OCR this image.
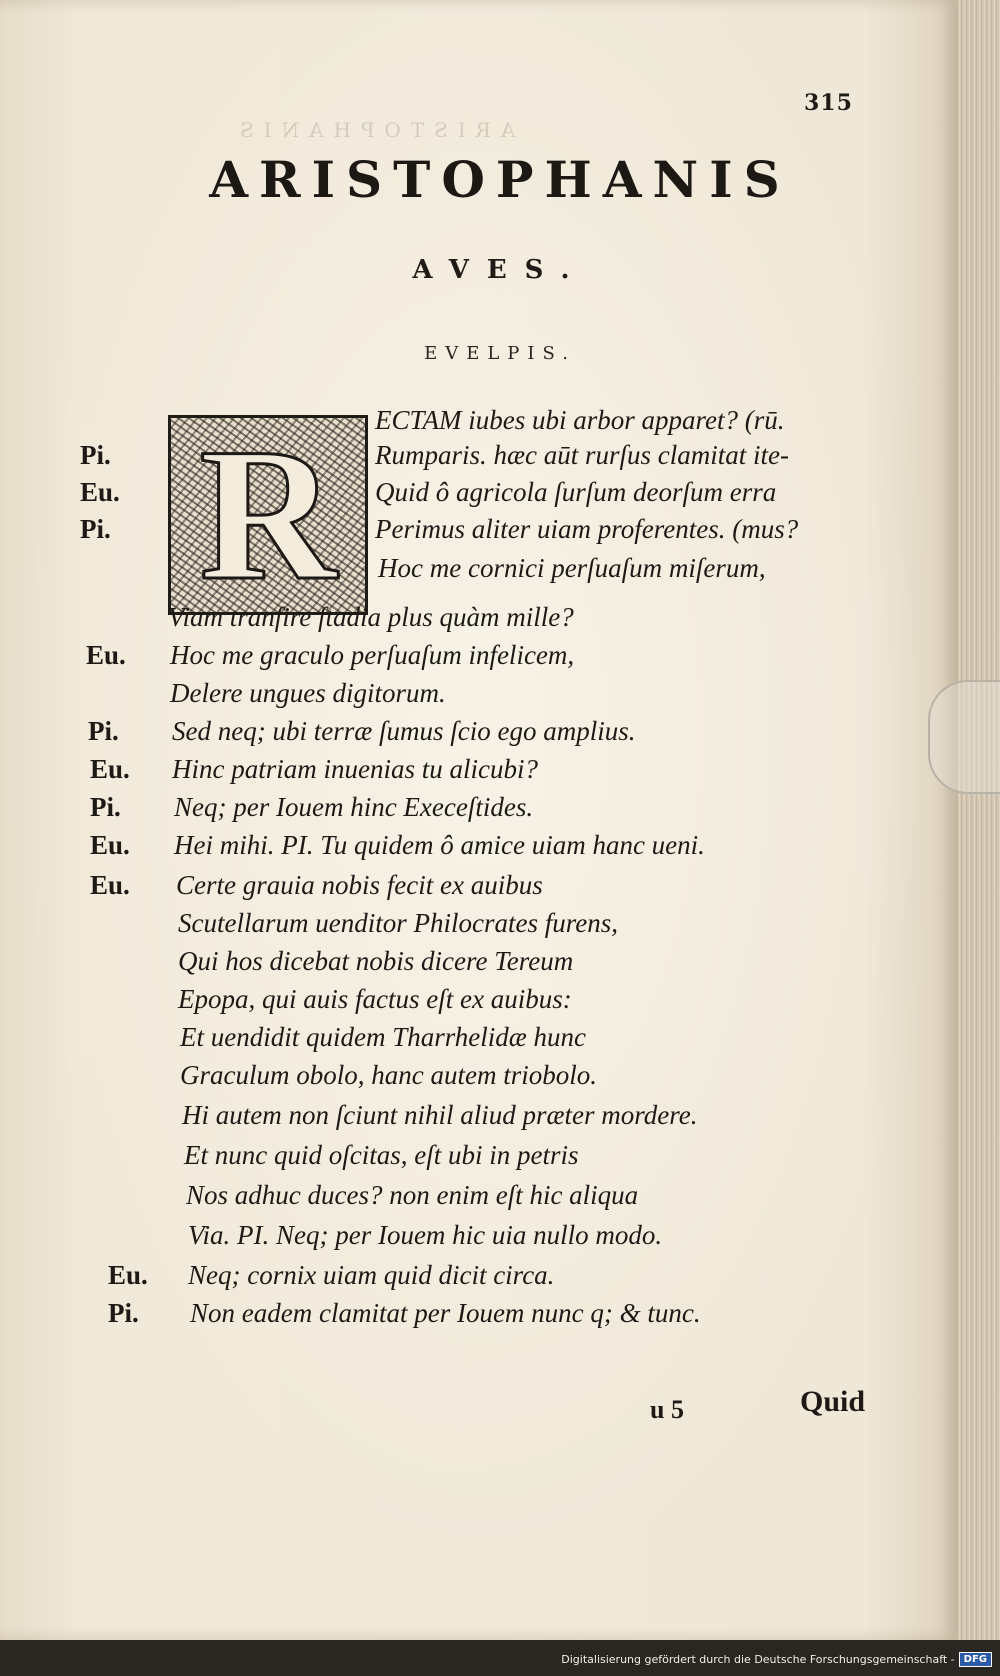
ARISTOPHANIS
315
ARISTOPHANIS
AVES.
EVELPIS.
R ECTAM iubes ubi arbor apparet? (rū.
Rumparis. hæc aūt rurſus clamitat ite-
Pi.
Quid ô agricola ſurſum deorſum erra
Eu.
Perimus aliter uiam proferentes. (mus?
Pi.
Hoc me cornici perſuaſum miſerum,
Viam tranſire ſtadia plus quàm mille?
Hoc me graculo perſuaſum infelicem,
Eu.
Delere ungues digitorum.
Sed neq; ubi terræ ſumus ſcio ego amplius.
Pi.
Hinc patriam inuenias tu alicubi?
Eu.
Neq; per Iouem hinc Execeſtides.
Pi.
Hei mihi. PI. Tu quidem ô amice uiam hanc ueni.
Eu.
Certe grauia nobis fecit ex auibus
Eu.
Scutellarum uenditor Philocrates furens,
Qui hos dicebat nobis dicere Tereum
Epopa, qui auis factus eſt ex auibus:
Et uendidit quidem Tharrhelidæ hunc
Graculum obolo, hanc autem triobolo.
Hi autem non ſciunt nihil aliud præter mordere.
Et nunc quid oſcitas, eſt ubi in petris
Nos adhuc duces? non enim eſt hic aliqua
Via. PI. Neq; per Iouem hic uia nullo modo.
Neq; cornix uiam quid dicit circa.
Eu.
Non eadem clamitat per Iouem nunc q; & tunc.
Pi.
u 5	Quid
Digitalisierung gefördert durch die Deutsche Forschungsgemeinschaft - DFG
